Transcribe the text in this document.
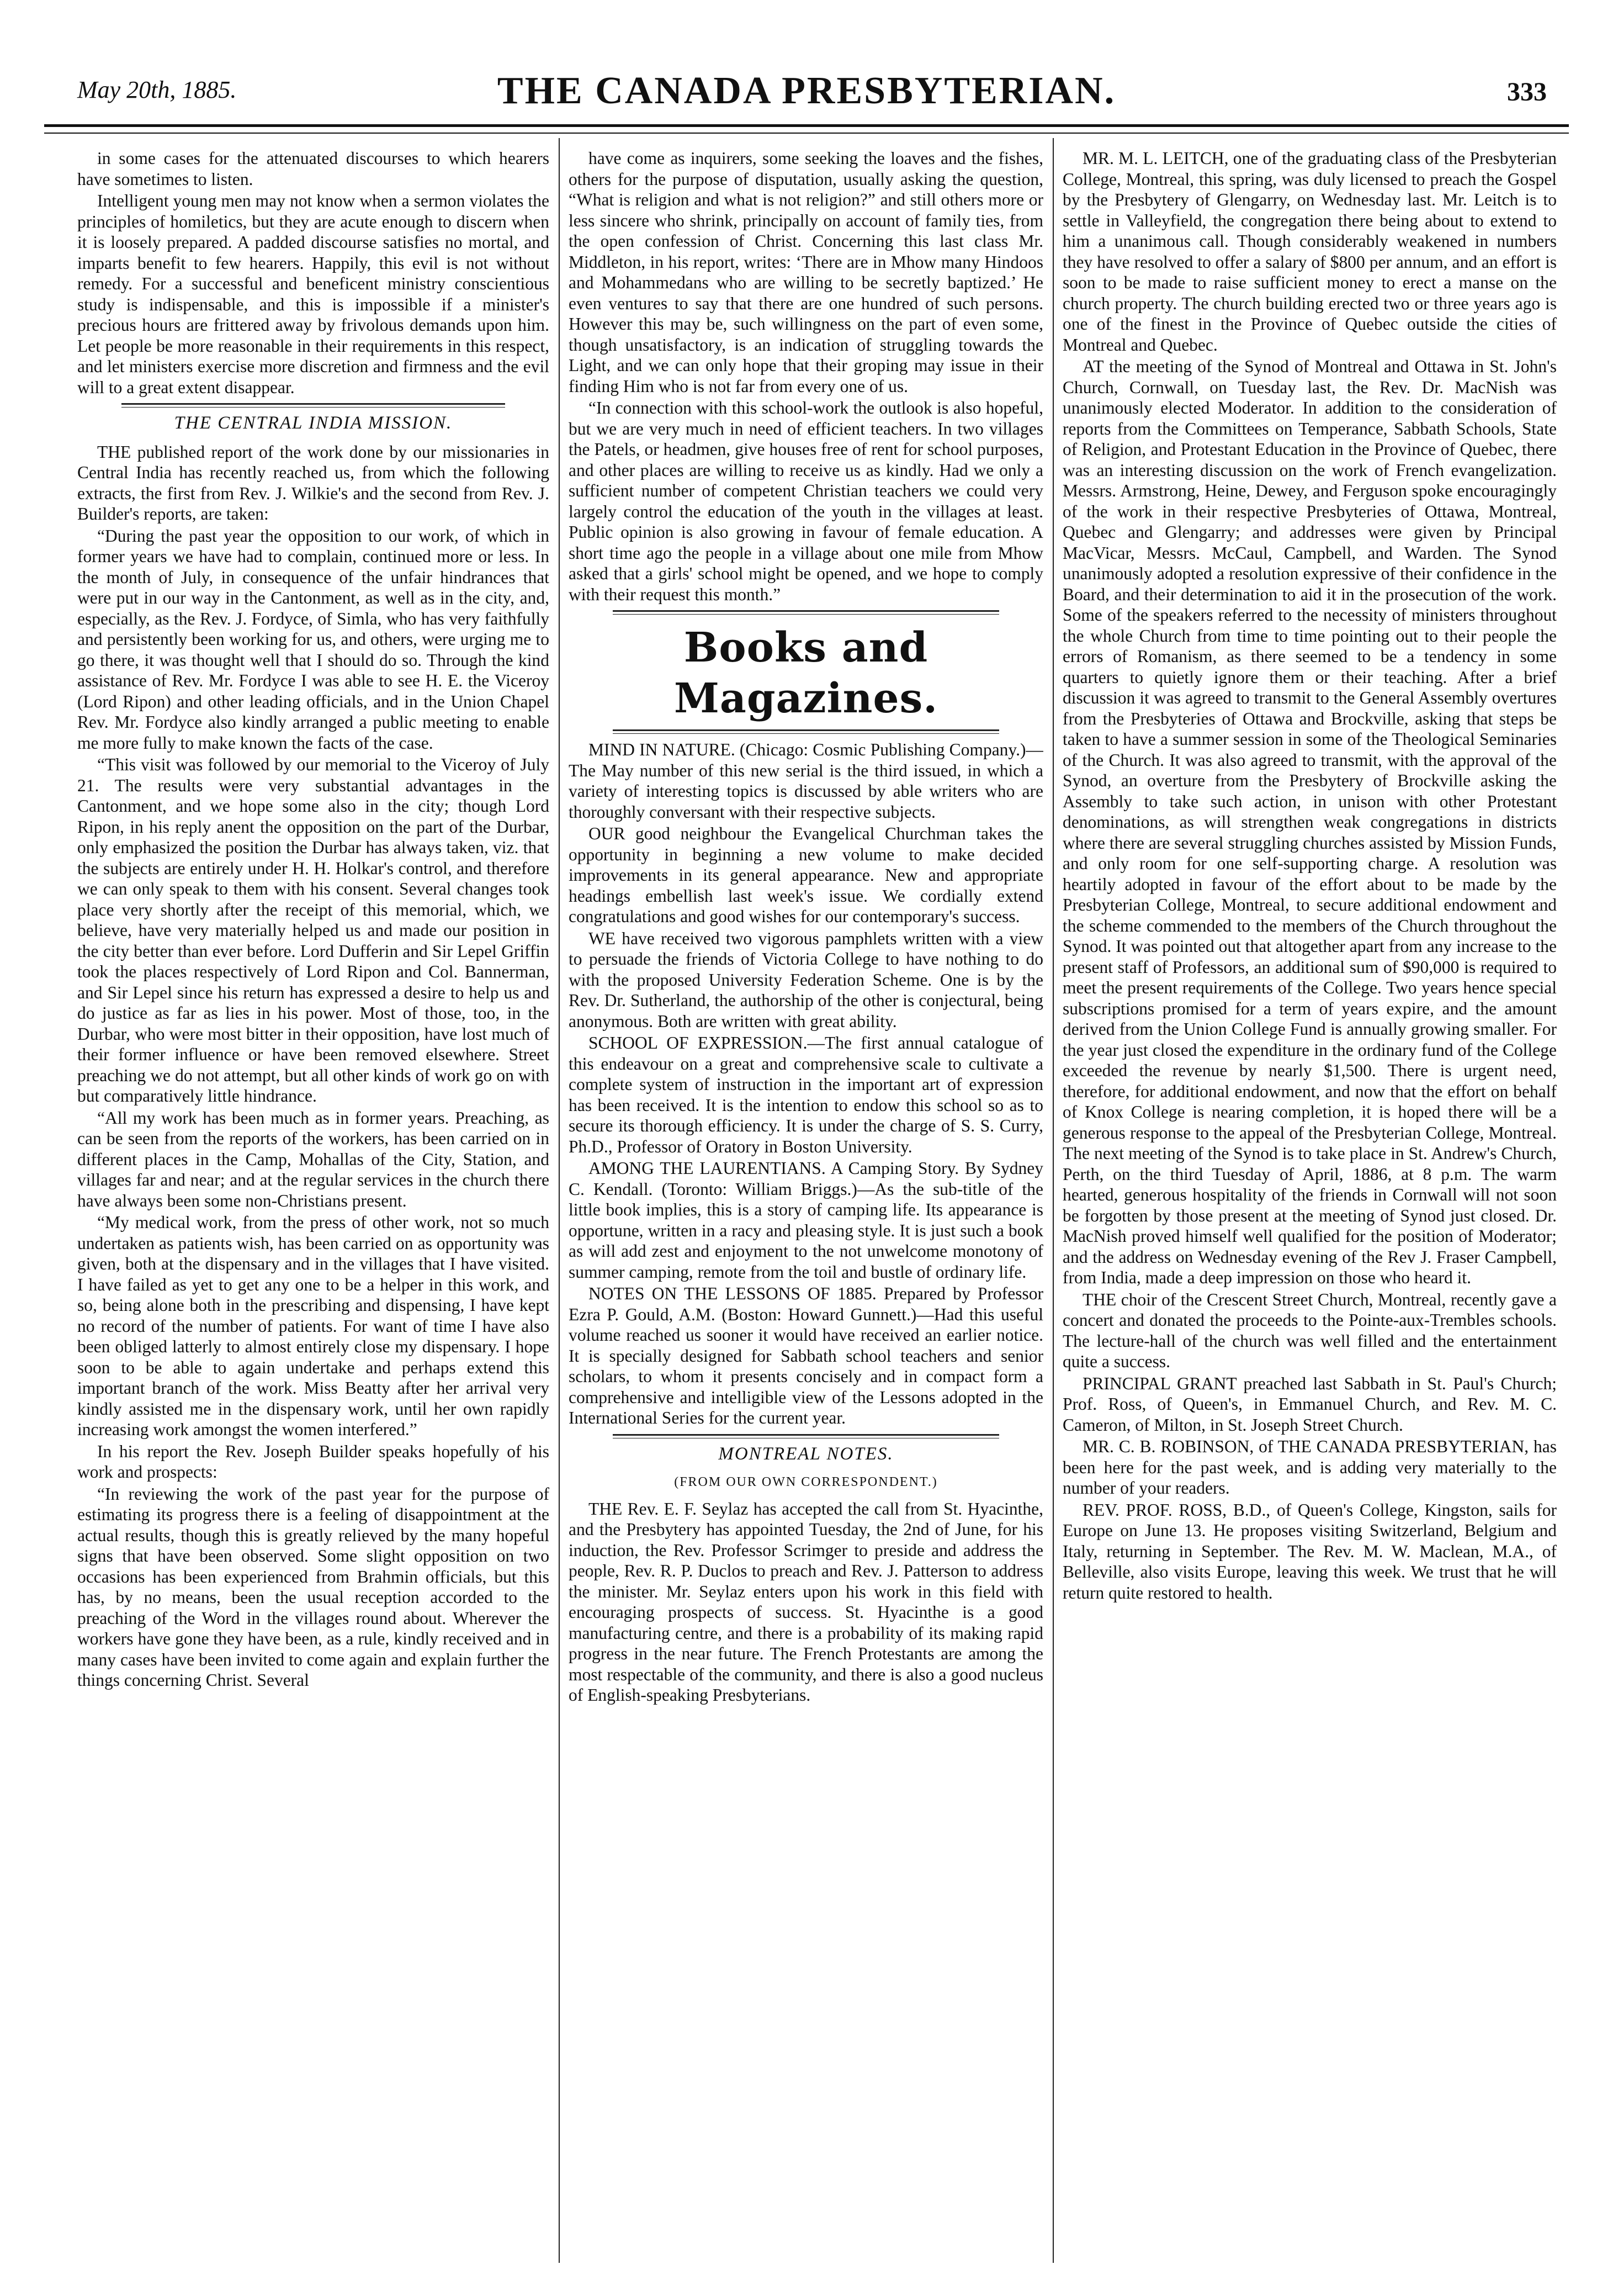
May 20th, 1885.	THE CANADA PRESBYTERIAN.	333

in some cases for the attenuated discourses to which hearers have sometimes to listen.

Intelligent young men may not know when a sermon violates the principles of homiletics, but they are acute enough to discern when it is loosely prepared. A padded discourse satisfies no mortal, and imparts benefit to few hearers. Happily, this evil is not without remedy. For a successful and beneficent ministry conscientious study is indispensable, and this is impossible if a minister's precious hours are frittered away by frivolous demands upon him. Let people be more reasonable in their requirements in this respect, and let ministers exercise more discretion and firmness and the evil will to a great extent disappear.

THE CENTRAL INDIA MISSION.

THE published report of the work done by our missionaries in Central India has recently reached us, from which the following extracts, the first from Rev. J. Wilkie's and the second from Rev. J. Builder's reports, are taken:

“During the past year the opposition to our work, of which in former years we have had to complain, continued more or less. In the month of July, in consequence of the unfair hindrances that were put in our way in the Cantonment, as well as in the city, and, especially, as the Rev. J. Fordyce, of Simla, who has very faithfully and persistently been working for us, and others, were urging me to go there, it was thought well that I should do so. Through the kind assistance of Rev. Mr. Fordyce I was able to see H. E. the Viceroy (Lord Ripon) and other leading officials, and in the Union Chapel Rev. Mr. Fordyce also kindly arranged a public meeting to enable me more fully to make known the facts of the case.

“This visit was followed by our memorial to the Viceroy of July 21. The results were very substantial advantages in the Cantonment, and we hope some also in the city; though Lord Ripon, in his reply anent the opposition on the part of the Durbar, only emphasized the position the Durbar has always taken, viz. that the subjects are entirely under H. H. Holkar's control, and therefore we can only speak to them with his consent. Several changes took place very shortly after the receipt of this memorial, which, we believe, have very materially helped us and made our position in the city better than ever before. Lord Dufferin and Sir Lepel Griffin took the places respectively of Lord Ripon and Col. Bannerman, and Sir Lepel since his return has expressed a desire to help us and do justice as far as lies in his power. Most of those, too, in the Durbar, who were most bitter in their opposition, have lost much of their former influence or have been removed elsewhere. Street preaching we do not attempt, but all other kinds of work go on with but comparatively little hindrance.

“All my work has been much as in former years. Preaching, as can be seen from the reports of the workers, has been carried on in different places in the Camp, Mohallas of the City, Station, and villages far and near; and at the regular services in the church there have always been some non-Christians present.

“My medical work, from the press of other work, not so much undertaken as patients wish, has been carried on as opportunity was given, both at the dispensary and in the villages that I have visited. I have failed as yet to get any one to be a helper in this work, and so, being alone both in the prescribing and dispensing, I have kept no record of the number of patients. For want of time I have also been obliged latterly to almost entirely close my dispensary. I hope soon to be able to again undertake and perhaps extend this important branch of the work. Miss Beatty after her arrival very kindly assisted me in the dispensary work, until her own rapidly increasing work amongst the women interfered.”

In his report the Rev. Joseph Builder speaks hopefully of his work and prospects:

“In reviewing the work of the past year for the purpose of estimating its progress there is a feeling of disappointment at the actual results, though this is greatly relieved by the many hopeful signs that have been observed. Some slight opposition on two occasions has been experienced from Brahmin officials, but this has, by no means, been the usual reception accorded to the preaching of the Word in the villages round about. Wherever the workers have gone they have been, as a rule, kindly received and in many cases have been invited to come again and explain further the things concerning Christ. Several

have come as inquirers, some seeking the loaves and the fishes, others for the purpose of disputation, usually asking the question, “What is religion and what is not religion?” and still others more or less sincere who shrink, principally on account of family ties, from the open confession of Christ. Concerning this last class Mr. Middleton, in his report, writes: ‘There are in Mhow many Hindoos and Mohammedans who are willing to be secretly baptized.’ He even ventures to say that there are one hundred of such persons. However this may be, such willingness on the part of even some, though unsatisfactory, is an indication of struggling towards the Light, and we can only hope that their groping may issue in their finding Him who is not far from every one of us.

“In connection with this school-work the outlook is also hopeful, but we are very much in need of efficient teachers. In two villages the Patels, or headmen, give houses free of rent for school purposes, and other places are willing to receive us as kindly. Had we only a sufficient number of competent Christian teachers we could very largely control the education of the youth in the villages at least. Public opinion is also growing in favour of female education. A short time ago the people in a village about one mile from Mhow asked that a girls' school might be opened, and we hope to comply with their request this month.”

Books and Magazines.

MIND IN NATURE. (Chicago: Cosmic Publishing Company.)—The May number of this new serial is the third issued, in which a variety of interesting topics is discussed by able writers who are thoroughly conversant with their respective subjects.

OUR good neighbour the Evangelical Churchman takes the opportunity in beginning a new volume to make decided improvements in its general appearance. New and appropriate headings embellish last week's issue. We cordially extend congratulations and good wishes for our contemporary's success.

WE have received two vigorous pamphlets written with a view to persuade the friends of Victoria College to have nothing to do with the proposed University Federation Scheme. One is by the Rev. Dr. Sutherland, the authorship of the other is conjectural, being anonymous. Both are written with great ability.

SCHOOL OF EXPRESSION.—The first annual catalogue of this endeavour on a great and comprehensive scale to cultivate a complete system of instruction in the important art of expression has been received. It is the intention to endow this school so as to secure its thorough efficiency. It is under the charge of S. S. Curry, Ph.D., Professor of Oratory in Boston University.

AMONG THE LAURENTIANS. A Camping Story. By Sydney C. Kendall. (Toronto: William Briggs.)—As the sub-title of the little book implies, this is a story of camping life. Its appearance is opportune, written in a racy and pleasing style. It is just such a book as will add zest and enjoyment to the not unwelcome monotony of summer camping, remote from the toil and bustle of ordinary life.

NOTES ON THE LESSONS OF 1885. Prepared by Professor Ezra P. Gould, A.M. (Boston: Howard Gunnett.)—Had this useful volume reached us sooner it would have received an earlier notice. It is specially designed for Sabbath school teachers and senior scholars, to whom it presents concisely and in compact form a comprehensive and intelligible view of the Lessons adopted in the International Series for the current year.

MONTREAL NOTES.
(FROM OUR OWN CORRESPONDENT.)

THE Rev. E. F. Seylaz has accepted the call from St. Hyacinthe, and the Presbytery has appointed Tuesday, the 2nd of June, for his induction, the Rev. Professor Scrimger to preside and address the people, Rev. R. P. Duclos to preach and Rev. J. Patterson to address the minister. Mr. Seylaz enters upon his work in this field with encouraging prospects of success. St. Hyacinthe is a good manufacturing centre, and there is a probability of its making rapid progress in the near future. The French Protestants are among the most respectable of the community, and there is also a good nucleus of English-speaking Presbyterians.

MR. M. L. LEITCH, one of the graduating class of the Presbyterian College, Montreal, this spring, was duly licensed to preach the Gospel by the Presbytery of Glengarry, on Wednesday last. Mr. Leitch is to settle in Valleyfield, the congregation there being about to extend to him a unanimous call. Though considerably weakened in numbers they have resolved to offer a salary of $800 per annum, and an effort is soon to be made to raise sufficient money to erect a manse on the church property. The church building erected two or three years ago is one of the finest in the Province of Quebec outside the cities of Montreal and Quebec.

AT the meeting of the Synod of Montreal and Ottawa in St. John's Church, Cornwall, on Tuesday last, the Rev. Dr. MacNish was unanimously elected Moderator. In addition to the consideration of reports from the Committees on Temperance, Sabbath Schools, State of Religion, and Protestant Education in the Province of Quebec, there was an interesting discussion on the work of French evangelization. Messrs. Armstrong, Heine, Dewey, and Ferguson spoke encouragingly of the work in their respective Presbyteries of Ottawa, Montreal, Quebec and Glengarry; and addresses were given by Principal MacVicar, Messrs. McCaul, Campbell, and Warden. The Synod unanimously adopted a resolution expressive of their confidence in the Board, and their determination to aid it in the prosecution of the work. Some of the speakers referred to the necessity of ministers throughout the whole Church from time to time pointing out to their people the errors of Romanism, as there seemed to be a tendency in some quarters to quietly ignore them or their teaching. After a brief discussion it was agreed to transmit to the General Assembly overtures from the Presbyteries of Ottawa and Brockville, asking that steps be taken to have a summer session in some of the Theological Seminaries of the Church. It was also agreed to transmit, with the approval of the Synod, an overture from the Presbytery of Brockville asking the Assembly to take such action, in unison with other Protestant denominations, as will strengthen weak congregations in districts where there are several struggling churches assisted by Mission Funds, and only room for one self-supporting charge. A resolution was heartily adopted in favour of the effort about to be made by the Presbyterian College, Montreal, to secure additional endowment and the scheme commended to the members of the Church throughout the Synod. It was pointed out that altogether apart from any increase to the present staff of Professors, an additional sum of $90,000 is required to meet the present requirements of the College. Two years hence special subscriptions promised for a term of years expire, and the amount derived from the Union College Fund is annually growing smaller. For the year just closed the expenditure in the ordinary fund of the College exceeded the revenue by nearly $1,500. There is urgent need, therefore, for additional endowment, and now that the effort on behalf of Knox College is nearing completion, it is hoped there will be a generous response to the appeal of the Presbyterian College, Montreal. The next meeting of the Synod is to take place in St. Andrew's Church, Perth, on the third Tuesday of April, 1886, at 8 p.m. The warm hearted, generous hospitality of the friends in Cornwall will not soon be forgotten by those present at the meeting of Synod just closed. Dr. MacNish proved himself well qualified for the position of Moderator; and the address on Wednesday evening of the Rev J. Fraser Campbell, from India, made a deep impression on those who heard it.

THE choir of the Crescent Street Church, Montreal, recently gave a concert and donated the proceeds to the Pointe-aux-Trembles schools. The lecture-hall of the church was well filled and the entertainment quite a success.

PRINCIPAL GRANT preached last Sabbath in St. Paul's Church; Prof. Ross, of Queen's, in Emmanuel Church, and Rev. M. C. Cameron, of Milton, in St. Joseph Street Church.

MR. C. B. ROBINSON, of THE CANADA PRESBYTERIAN, has been here for the past week, and is adding very materially to the number of your readers.

REV. PROF. ROSS, B.D., of Queen's College, Kingston, sails for Europe on June 13. He proposes visiting Switzerland, Belgium and Italy, returning in September. The Rev. M. W. Maclean, M.A., of Belleville, also visits Europe, leaving this week. We trust that he will return quite restored to health.
